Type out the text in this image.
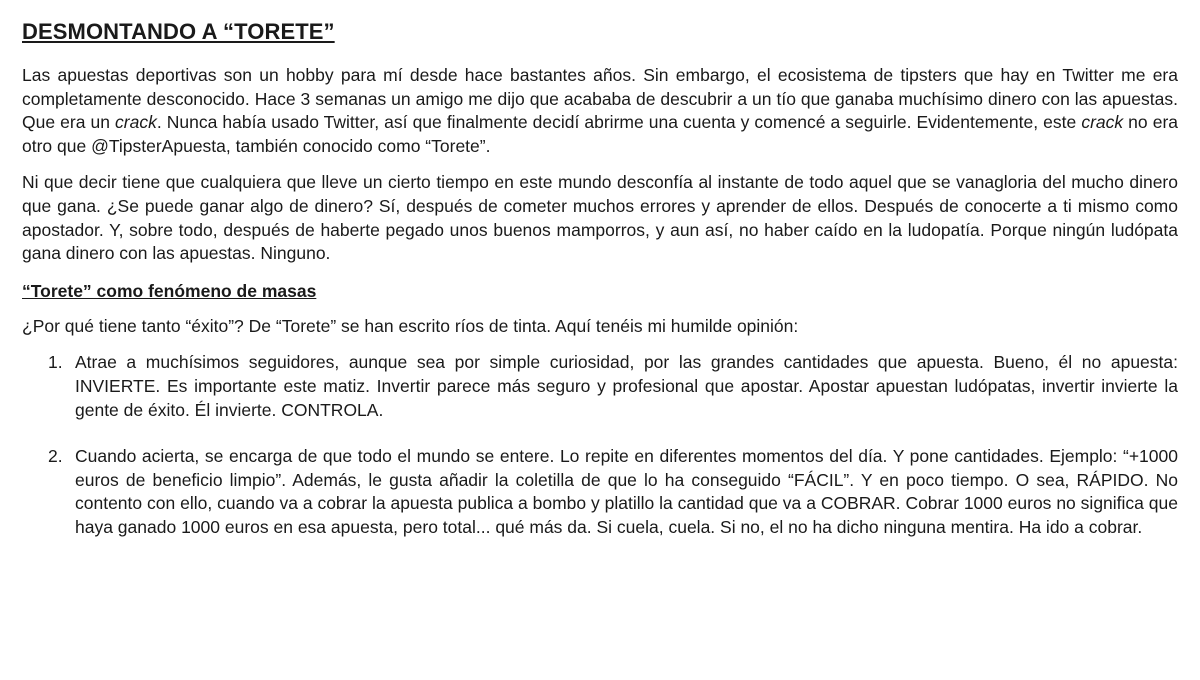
DESMONTANDO A “TORETE”

Las apuestas deportivas son un hobby para mí desde hace bastantes años. Sin embargo, el ecosistema de tipsters que hay en Twitter me era completamente desconocido. Hace 3 semanas un amigo me dijo que acababa de descubrir a un tío que ganaba muchísimo dinero con las apuestas. Que era un crack. Nunca había usado Twitter, así que finalmente decidí abrirme una cuenta y comencé a seguirle. Evidentemente, este crack no era otro que @TipsterApuesta, también conocido como “Torete”.

Ni que decir tiene que cualquiera que lleve un cierto tiempo en este mundo desconfía al instante de todo aquel que se vanagloria del mucho dinero que gana. ¿Se puede ganar algo de dinero? Sí, después de cometer muchos errores y aprender de ellos. Después de conocerte a ti mismo como apostador. Y, sobre todo, después de haberte pegado unos buenos mamporros, y aun así, no haber caído en la ludopatía. Porque ningún ludópata gana dinero con las apuestas. Ninguno.

“Torete” como fenómeno de masas

¿Por qué tiene tanto “éxito”? De “Torete” se han escrito ríos de tinta. Aquí tenéis mi humilde opinión:

1. Atrae a muchísimos seguidores, aunque sea por simple curiosidad, por las grandes cantidades que apuesta. Bueno, él no apuesta: INVIERTE. Es importante este matiz. Invertir parece más seguro y profesional que apostar. Apostar apuestan ludópatas, invertir invierte la gente de éxito. Él invierte. CONTROLA.
2. Cuando acierta, se encarga de que todo el mundo se entere. Lo repite en diferentes momentos del día. Y pone cantidades. Ejemplo: “+1000 euros de beneficio limpio”. Además, le gusta añadir la coletilla de que lo ha conseguido “FÁCIL”. Y en poco tiempo. O sea, RÁPIDO. No contento con ello, cuando va a cobrar la apuesta publica a bombo y platillo la cantidad que va a COBRAR. Cobrar 1000 euros no significa que haya ganado 1000 euros en esa apuesta, pero total... qué más da. Si cuela, cuela. Si no, el no ha dicho ninguna mentira. Ha ido a cobrar.
